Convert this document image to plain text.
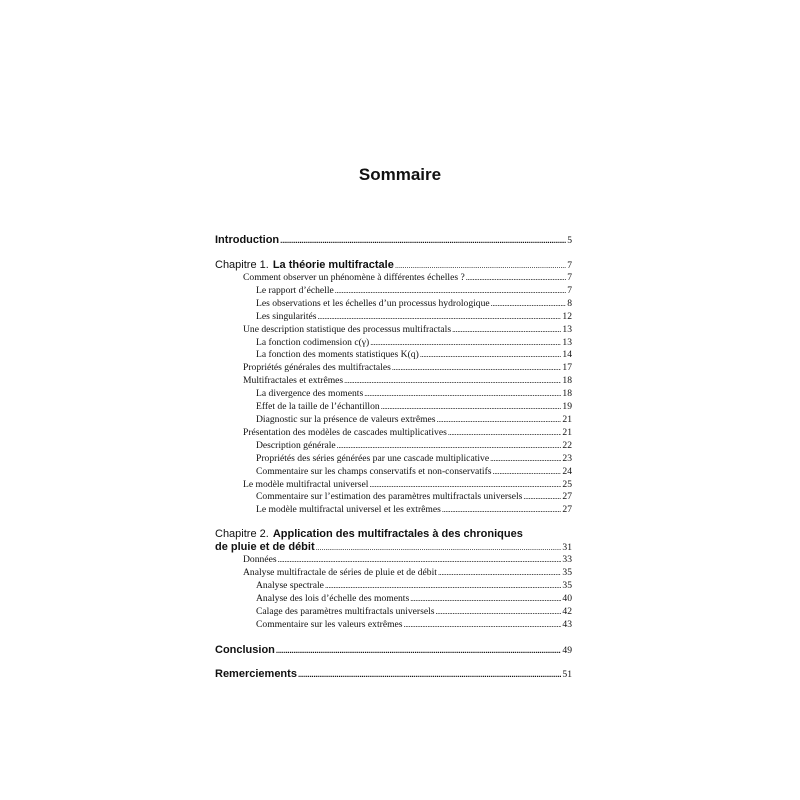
Sommaire
Introduction .....	5
Chapitre 1. La théorie multifractale .....	7
Comment observer un phénomène à différentes échelles ? .....	7
Le rapport d’échelle .....	7
Les observations et les échelles d’un processus hydrologique .....	8
Les singularités .....	12
Une description statistique des processus multifractals .....	13
La fonction codimension c(γ) .....	13
La fonction des moments statistiques K(q) .....	14
Propriétés générales des multifractales .....	17
Multifractales et extrêmes .....	18
La divergence des moments .....	18
Effet de la taille de l’échantillon .....	19
Diagnostic sur la présence de valeurs extrêmes .....	21
Présentation des modèles de cascades multiplicatives .....	21
Description générale .....	22
Propriétés des séries générées par une cascade multiplicative .....	23
Commentaire sur les champs conservatifs et non-conservatifs .....	24
Le modèle multifractal universel .....	25
Commentaire sur l’estimation des paramètres multifractals universels .....	27
Le modèle multifractal universel et les extrêmes .....	27
Chapitre 2. Application des multifractales à des chroniques
de pluie et de débit .....	31
Données .....	33
Analyse multifractale de séries de pluie et de débit .....	35
Analyse spectrale .....	35
Analyse des lois d’échelle des moments .....	40
Calage des paramètres multifractals universels .....	42
Commentaire sur les valeurs extrêmes .....	43
Conclusion .....	49
Remerciements .....	51
